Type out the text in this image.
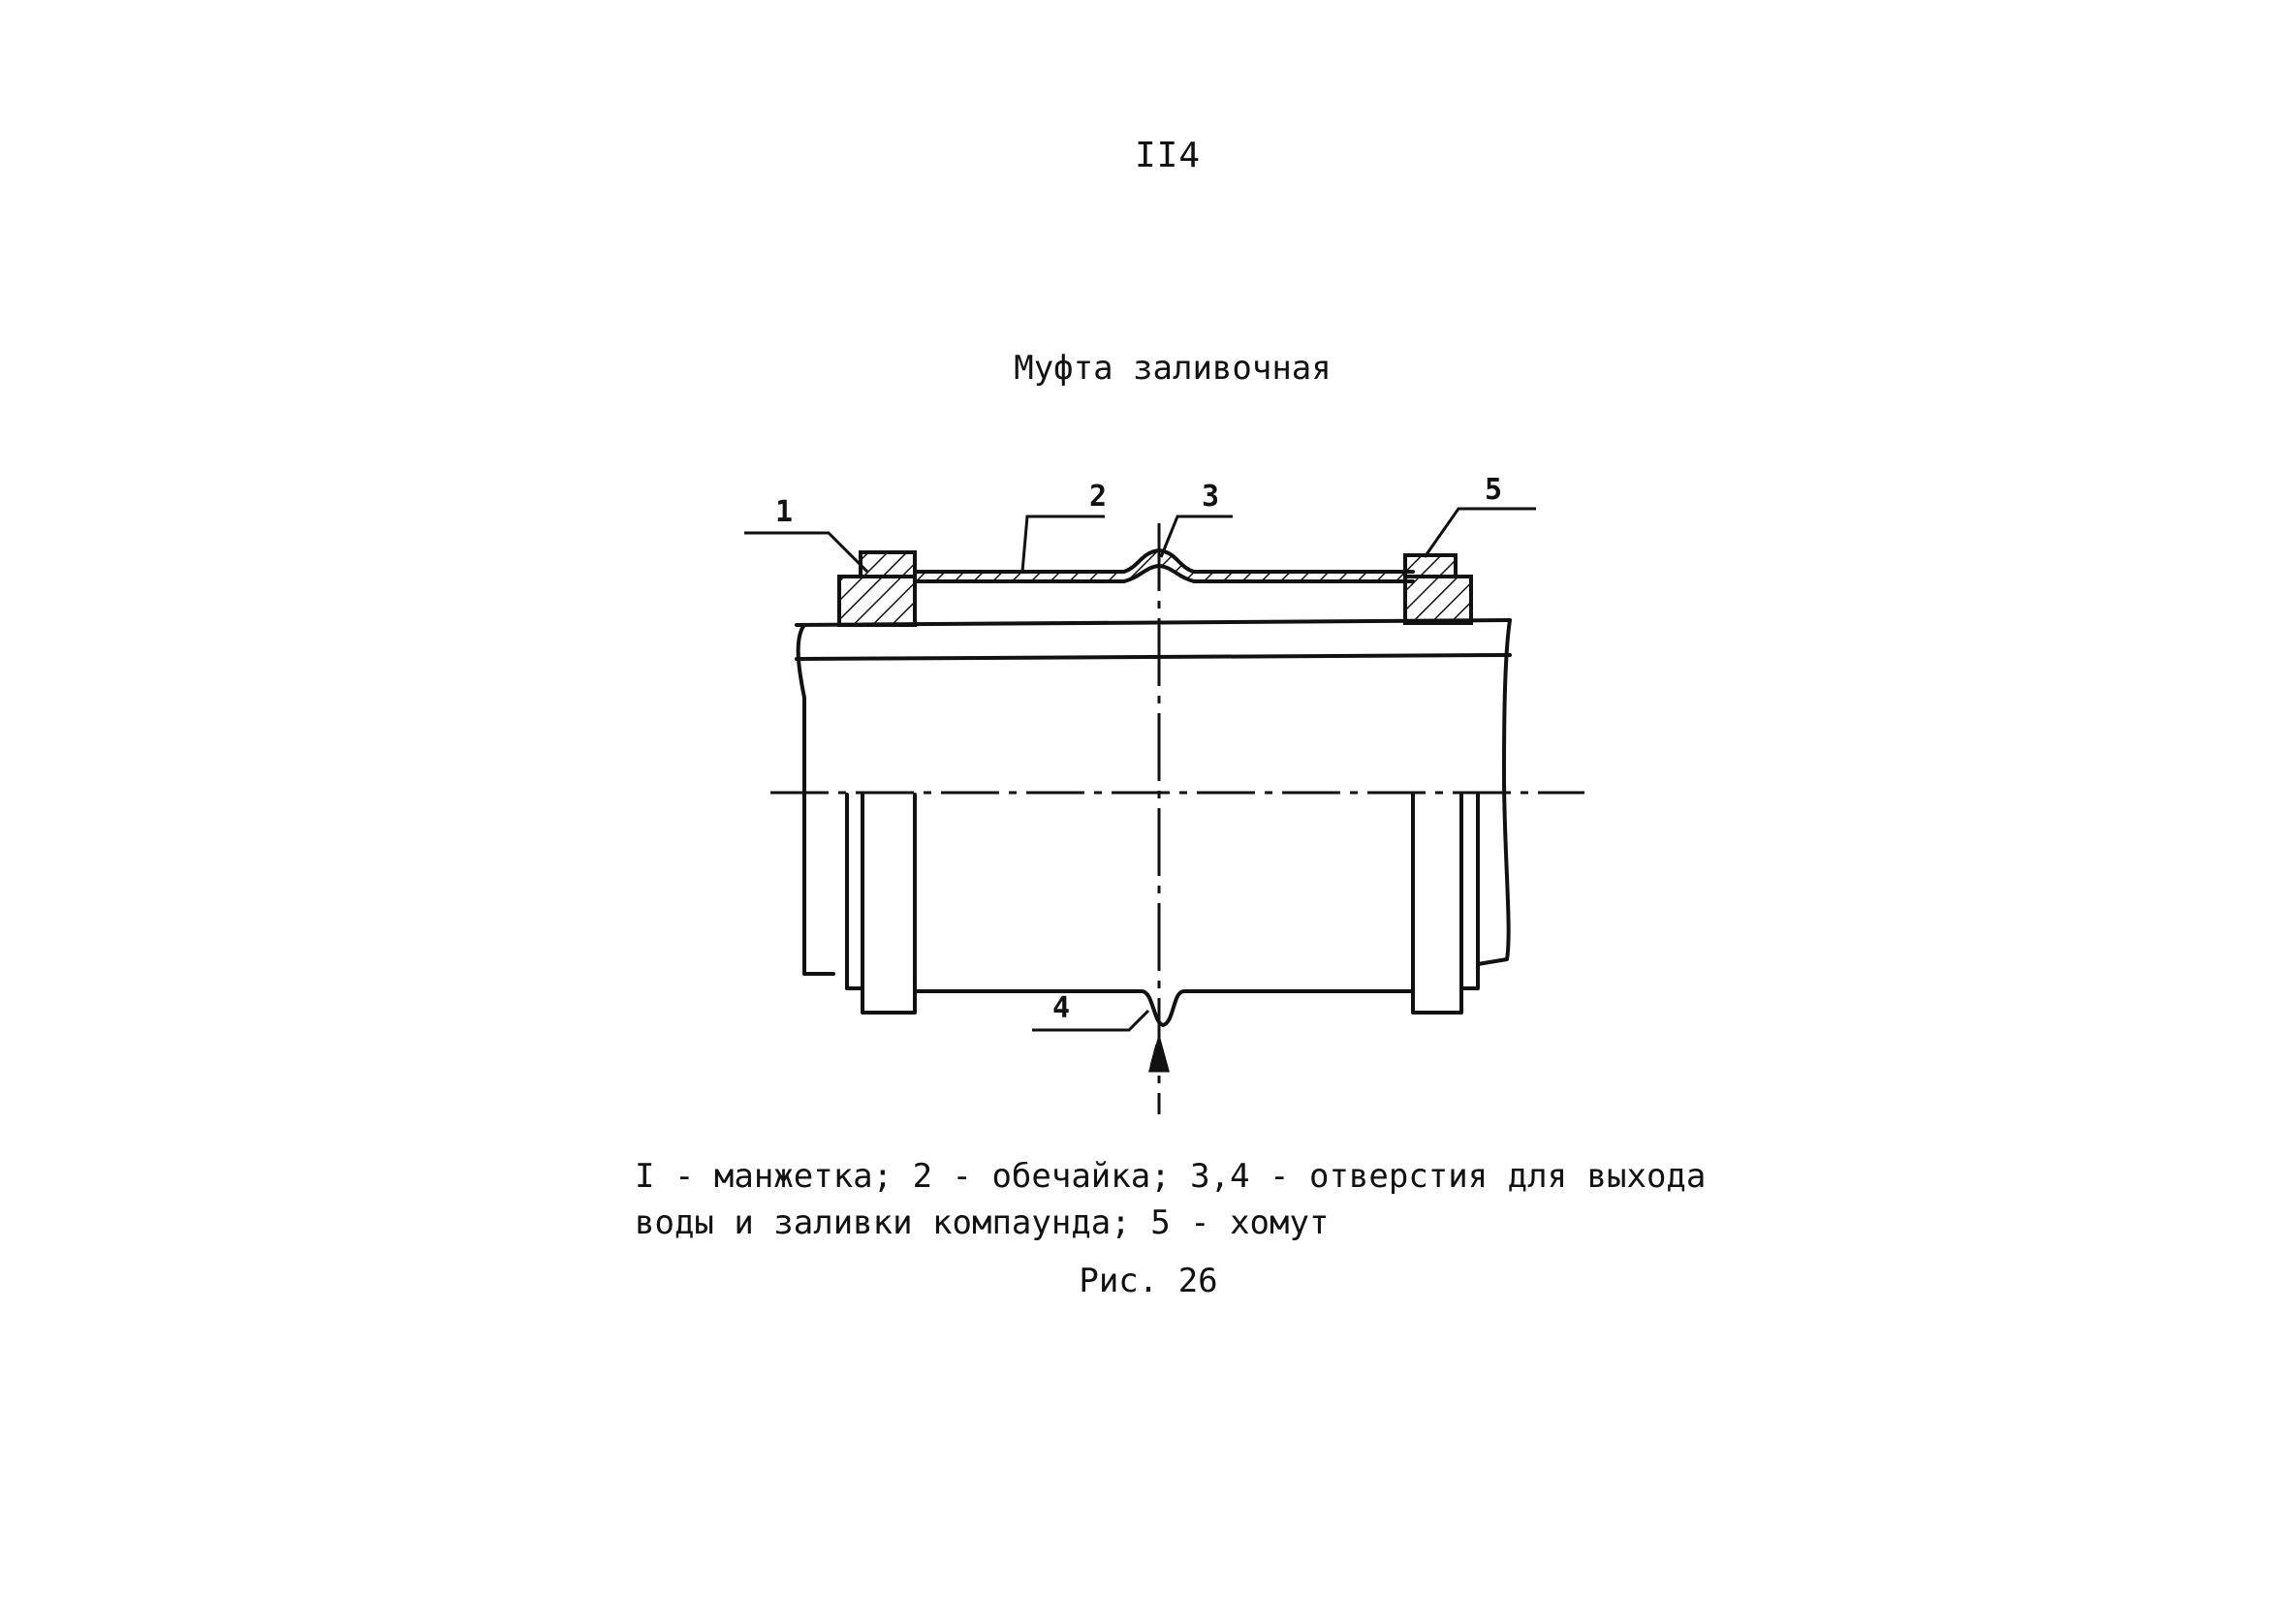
II4
Муфта заливочная
1	2	3
4
5
A
I - манжетка; 2 - обечайка; 3,4 - отверстия для выхода
воды и заливки компаунда; 5 - хомут
Рис. 26
